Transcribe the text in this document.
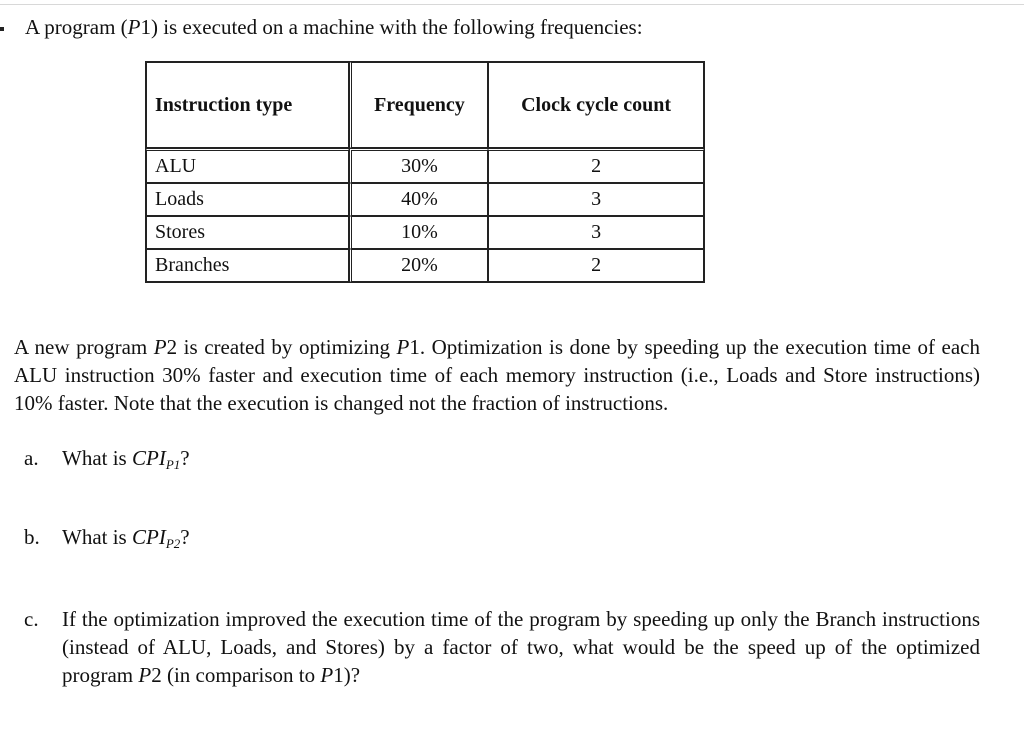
A program (P1) is executed on a machine with the following frequencies:
Instruction type	Frequency	Clock cycle count
ALU	30%	2
Loads	40%	3
Stores	10%	3
Branches	20%	2
A new program P2 is created by optimizing P1. Optimization is done by speeding up the execution time of each ALU instruction 30% faster and execution time of each memory instruction (i.e., Loads and Store instructions) 10% faster. Note that the execution is changed not the fraction of instructions.
a. What is $CPI_{P1}$?
b. What is $CPI_{P2}$?
c. If the optimization improved the execution time of the program by speeding up only the Branch instructions (instead of ALU, Loads, and Stores) by a factor of two, what would be the speed up of the optimized program P2 (in comparison to P1)?
